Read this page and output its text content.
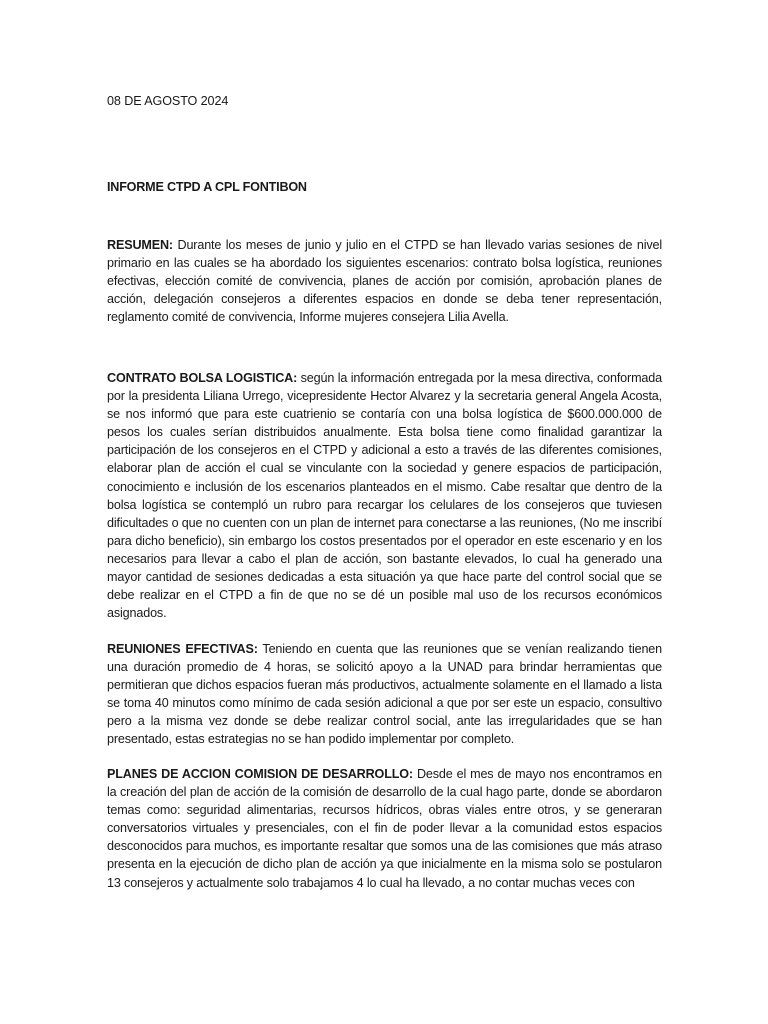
08 DE AGOSTO 2024
INFORME CTPD A CPL FONTIBON

RESUMEN: Durante los meses de junio y julio en el CTPD se han llevado varias sesiones de nivel primario en las cuales se ha abordado los siguientes escenarios: contrato bolsa logística, reuniones efectivas, elección comité de convivencia, planes de acción por comisión, aprobación planes de acción, delegación consejeros a diferentes espacios en donde se deba tener representación, reglamento comité de convivencia, Informe mujeres consejera Lilia Avella.

CONTRATO BOLSA LOGISTICA: según la información entregada por la mesa directiva, conformada por la presidenta Liliana Urrego, vicepresidente Hector Alvarez y la secretaria general Angela Acosta, se nos informó que para este cuatrienio se contaría con una bolsa logística de $600.000.000 de pesos los cuales serían distribuidos anualmente. Esta bolsa tiene como finalidad garantizar la participación de los consejeros en el CTPD y adicional a esto a través de las diferentes comisiones, elaborar plan de acción el cual se vinculante con la sociedad y genere espacios de participación, conocimiento e inclusión de los escenarios planteados en el mismo. Cabe resaltar que dentro de la bolsa logística se contempló un rubro para recargar los celulares de los consejeros que tuviesen dificultades o que no cuenten con un plan de internet para conectarse a las reuniones, (No me inscribí para dicho beneficio), sin embargo los costos presentados por el operador en este escenario y en los necesarios para llevar a cabo el plan de acción, son bastante elevados, lo cual ha generado una mayor cantidad de sesiones dedicadas a esta situación ya que hace parte del control social que se debe realizar en el CTPD a fin de que no se dé un posible mal uso de los recursos económicos asignados.

REUNIONES EFECTIVAS: Teniendo en cuenta que las reuniones que se venían realizando tienen una duración promedio de 4 horas, se solicitó apoyo a la UNAD para brindar herramientas que permitieran que dichos espacios fueran más productivos, actualmente solamente en el llamado a lista se toma 40 minutos como mínimo de cada sesión adicional a que por ser este un espacio, consultivo pero a la misma vez donde se debe realizar control social, ante las irregularidades que se han presentado, estas estrategias no se han podido implementar por completo.

PLANES DE ACCION COMISION DE DESARROLLO: Desde el mes de mayo nos encontramos en la creación del plan de acción de la comisión de desarrollo de la cual hago parte, donde se abordaron temas como: seguridad alimentarias, recursos hídricos, obras viales entre otros, y se generaran conversatorios virtuales y presenciales, con el fin de poder llevar a la comunidad estos espacios desconocidos para muchos, es importante resaltar que somos una de las comisiones que más atraso presenta en la ejecución de dicho plan de acción ya que inicialmente en la misma solo se postularon 13 consejeros y actualmente solo trabajamos 4 lo cual ha llevado, a no contar muchas veces con
